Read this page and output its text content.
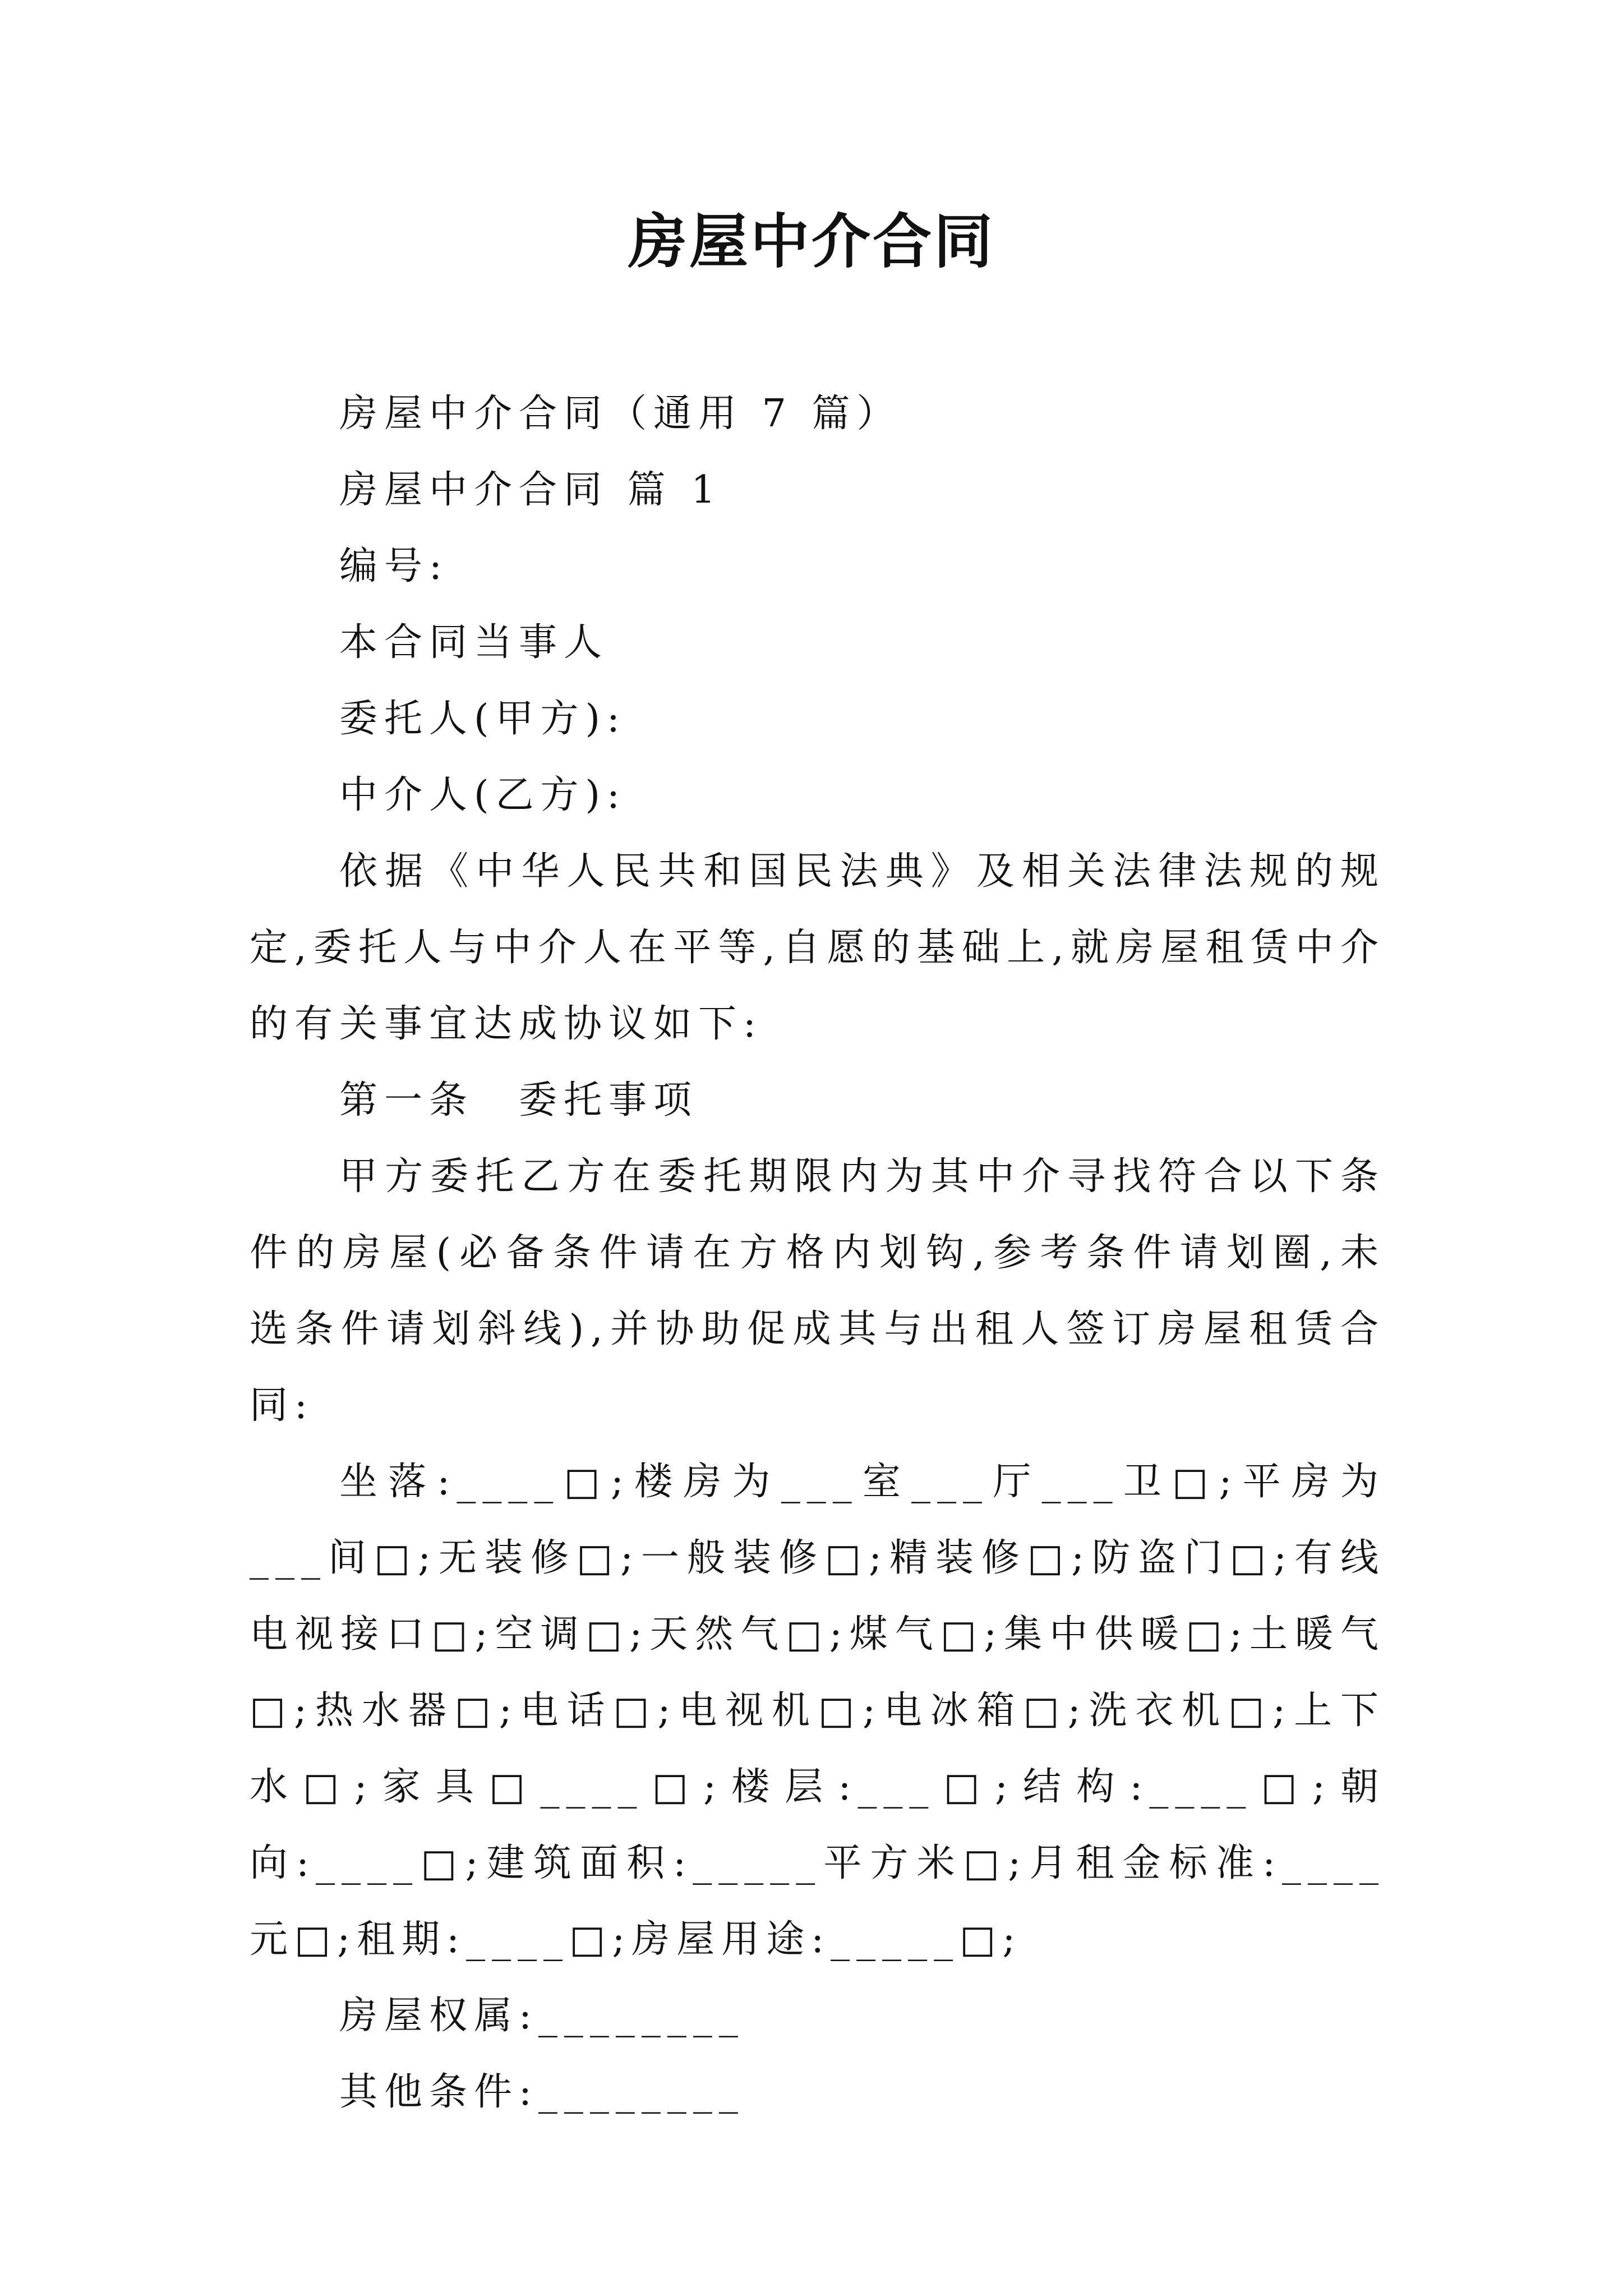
房屋中介合同

房屋中介合同（通用 7 篇）

房屋中介合同 篇 1

编号:

本合同当事人

委托人(甲方):

中介人(乙方):

依据《中华人民共和国民法典》及相关法律法规的规定,委托人与中介人在平等,自愿的基础上,就房屋租赁中介的有关事宜达成协议如下:

第一条　委托事项

甲方委托乙方在委托期限内为其中介寻找符合以下条件的房屋(必备条件请在方格内划钩,参考条件请划圈,未选条件请划斜线),并协助促成其与出租人签订房屋租赁合同:

坐落:____□;楼房为___室___厅___卫□;平房为___间□;无装修□;一般装修□;精装修□;防盗门□;有线电视接口□;空调□;天然气□;煤气□;集中供暖□;土暖气□;热水器□;电话□;电视机□;电冰箱□;洗衣机□;上下水□;家具□____□;楼层:___□;结构:____□;朝向:____□;建筑面积:_____平方米□;月租金标准:____元□;租期:____□;房屋用途:_____□;

房屋权属:________

其他条件:________
